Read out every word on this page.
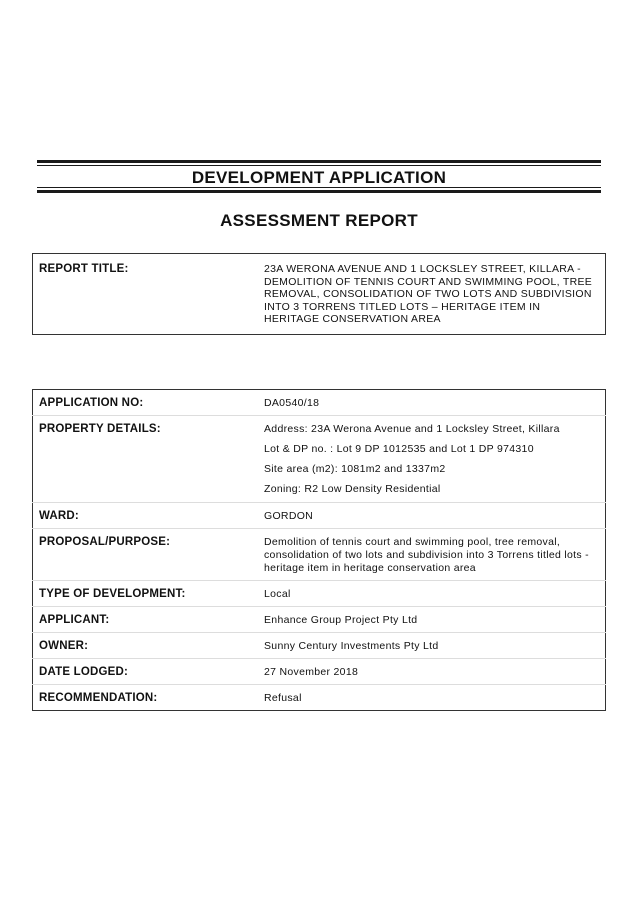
DEVELOPMENT APPLICATION
ASSESSMENT REPORT
REPORT TITLE:	23A WERONA AVENUE AND 1 LOCKSLEY STREET, KILLARA - DEMOLITION OF TENNIS COURT AND SWIMMING POOL, TREE REMOVAL, CONSOLIDATION OF TWO LOTS AND SUBDIVISION INTO 3 TORRENS TITLED LOTS – HERITAGE ITEM IN HERITAGE CONSERVATION AREA
APPLICATION NO:	DA0540/18
PROPERTY DETAILS:	Address: 23A Werona Avenue and 1 Locksley Street, Killara
Lot & DP no. : Lot 9 DP 1012535 and Lot 1 DP 974310
Site area (m2): 1081m2 and 1337m2
Zoning: R2 Low Density Residential

WARD:	GORDON
PROPOSAL/PURPOSE:	Demolition of tennis court and swimming pool, tree removal, consolidation of two lots and subdivision into 3 Torrens titled lots - heritage item in heritage conservation area
TYPE OF DEVELOPMENT:	Local
APPLICANT:	Enhance Group Project Pty Ltd
OWNER:	Sunny Century Investments Pty Ltd
DATE LODGED:	27 November 2018
RECOMMENDATION:	Refusal
